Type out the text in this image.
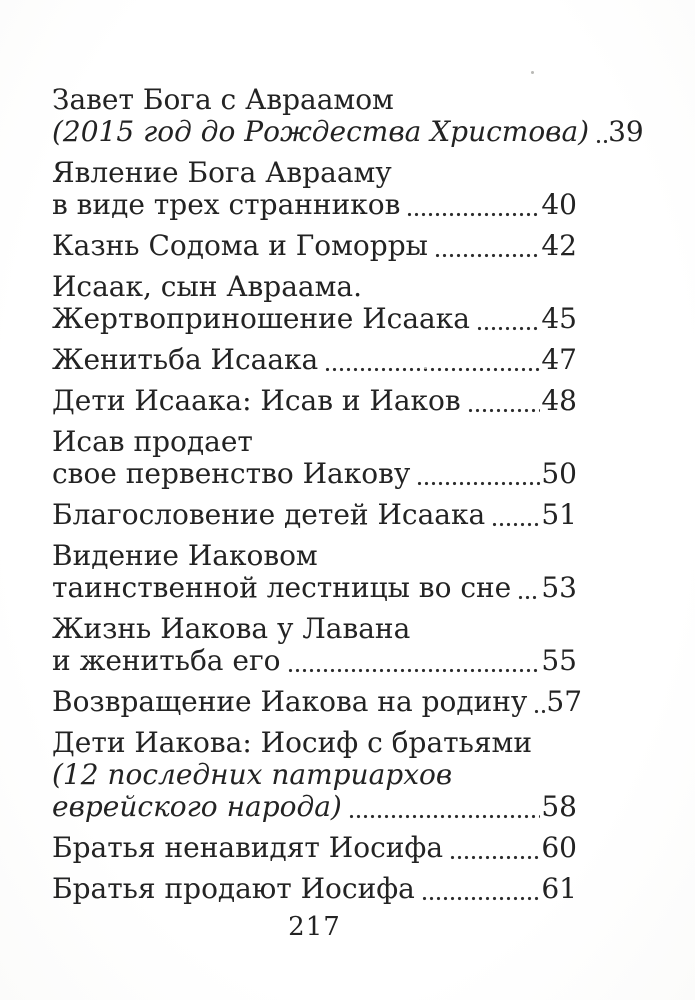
Завет Бога с Авраамом
(2015 год до Рождества Христова) 39
Явление Бога Аврааму
в виде трех странников	40
Казнь Содома и Гоморры	42
Исаак, сын Авраама.
Жертвоприношение Исаака	45
Женитьба Исаака	47
Дети Исаака: Исав и Иаков	48
Исав продает
свое первенство Иакову	50
Благословение детей Исаака 51
Видение Иаковом
таинственной лестницы во сне 53
Жизнь Иакова у Лавана
и женитьба его	55
Возвращение Иакова на родину 57
Дети Иакова: Иосиф с братьями
(12 последних патриархов
еврейского народа)	58
Братья ненавидят Иосифа	60
Братья продают Иосифа	61
217
